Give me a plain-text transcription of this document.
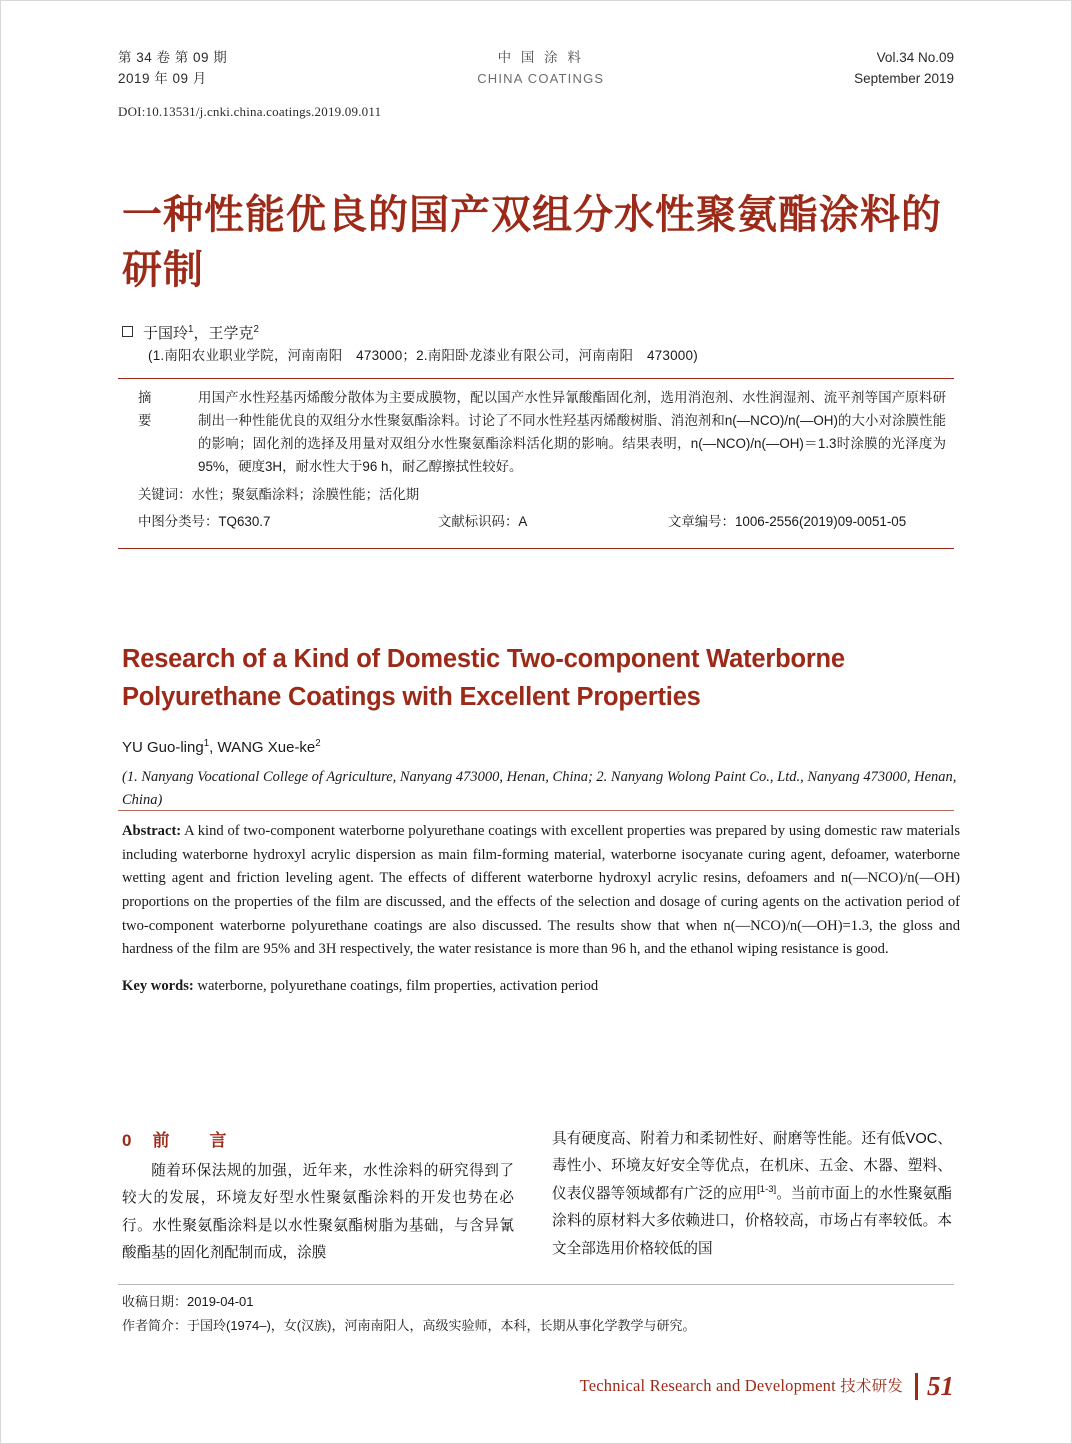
第 34 卷 第 09 期
2019 年 09 月
中 国 涂 料
CHINA COATINGS
Vol.34 No.09
September 2019
DOI:10.13531/j.cnki.china.coatings.2019.09.011
一种性能优良的国产双组分水性聚氨酯涂料的研制
于国玲$^1$，王学克$^2$
(1.南阳农业职业学院，河南南阳　473000；2.南阳卧龙漆业有限公司，河南南阳　473000)
摘　要
用国产水性羟基丙烯酸分散体为主要成膜物，配以国产水性异氰酸酯固化剂，选用消泡剂、水性润湿剂、流平剂等国产原料研制出一种性能优良的双组分水性聚氨酯涂料。讨论了不同水性羟基丙烯酸树脂、消泡剂和n(—NCO)/n(—OH)的大小对涂膜性能的影响；固化剂的选择及用量对双组分水性聚氨酯涂料活化期的影响。结果表明，n(—NCO)/n(—OH)＝1.3时涂膜的光泽度为95%，硬度3H，耐水性大于96 h，耐乙醇擦拭性较好。
关键词：水性；聚氨酯涂料；涂膜性能；活化期
中图分类号：TQ630.7	文献标识码：A	文章编号：1006-2556(2019)09-0051-05
Research of a Kind of Domestic Two-component Waterborne Polyurethane Coatings with Excellent Properties
YU Guo-ling$^1$, WANG Xue-$ke^2$
(1. Nanyang Vocational College of Agriculture, Nanyang 473000, Henan, China; 2. Nanyang Wolong Paint Co., Ltd., Nanyang 473000, Henan, China)
Abstract: A kind of two-component waterborne polyurethane coatings with excellent properties was prepared by using domestic raw materials including waterborne hydroxyl acrylic dispersion as main film-forming material, waterborne isocyanate curing agent, defoamer, waterborne wetting agent and friction leveling agent. The effects of different waterborne hydroxyl acrylic resins, defoamers and n(—NCO)/n(—OH) proportions on the properties of the film are discussed, and the effects of the selection and dosage of curing agents on the activation period of two-component waterborne polyurethane coatings are also discussed. The results show that when n(—NCO)/n(—OH)=1.3, the gloss and hardness of the film are 95% and 3H respectively, the water resistance is more than 96 h, and the ethanol wiping resistance is good.
Key words: waterborne, polyurethane coatings, film properties, activation period
0　前　　言

随着环保法规的加强，近年来，水性涂料的研究得到了较大的发展，环境友好型水性聚氨酯涂料的开发也势在必行。水性聚氨酯涂料是以水性聚氨酯树脂为基础，与含异氰酸酯基的固化剂配制而成，涂膜

具有硬度高、附着力和柔韧性好、耐磨等性能。还有低VOC、毒性小、环境友好安全等优点，在机床、五金、木器、塑料、仪表仪器等领域都有广泛的应用[1-3]。当前市面上的水性聚氨酯涂料的原材料大多依赖进口，价格较高，市场占有率较低。本文全部选用价格较低的国

收稿日期：2019-04-01
作者简介：于国玲(1974–)，女(汉族)，河南南阳人，高级实验师，本科，长期从事化学教学与研究。
Technical Research and Development 技术研发 51
